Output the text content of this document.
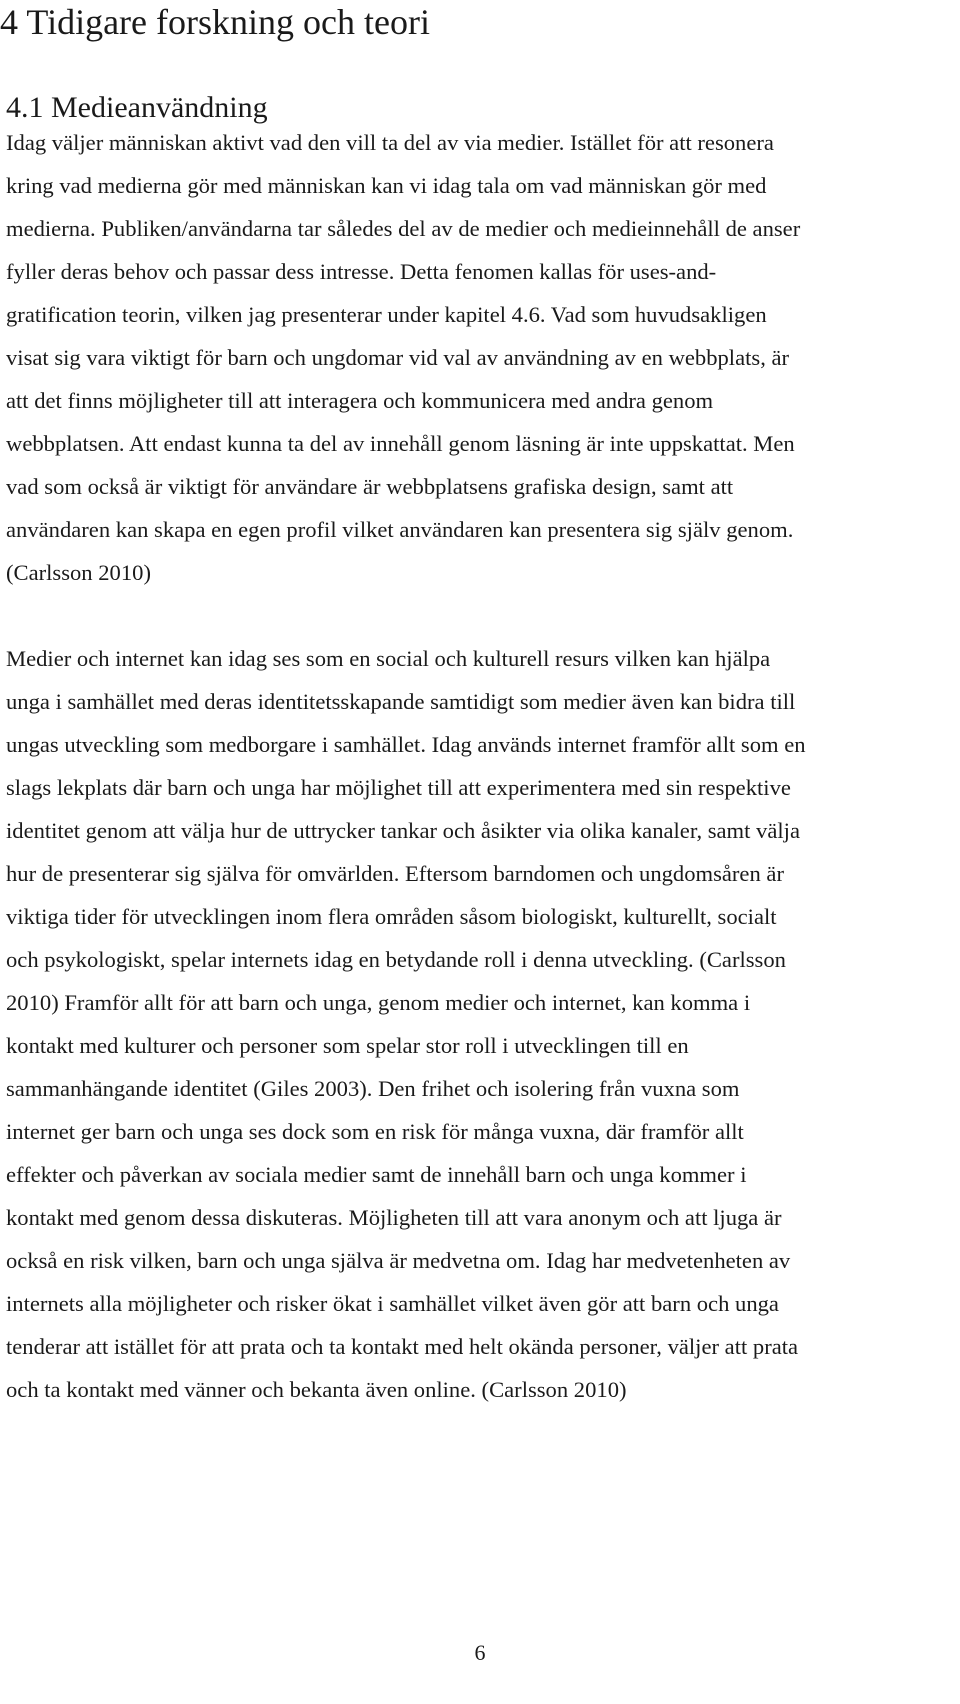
4 Tidigare forskning och teori
4.1 Medieanvändning
Idag väljer människan aktivt vad den vill ta del av via medier. Istället för att resonera
kring vad medierna gör med människan kan vi idag tala om vad människan gör med
medierna. Publiken/användarna tar således del av de medier och medieinnehåll de anser
fyller deras behov och passar dess intresse. Detta fenomen kallas för uses-and-
gratification teorin, vilken jag presenterar under kapitel 4.6. Vad som huvudsakligen
visat sig vara viktigt för barn och ungdomar vid val av användning av en webbplats, är
att det finns möjligheter till att interagera och kommunicera med andra genom
webbplatsen. Att endast kunna ta del av innehåll genom läsning är inte uppskattat. Men
vad som också är viktigt för användare är webbplatsens grafiska design, samt att
användaren kan skapa en egen profil vilket användaren kan presentera sig själv genom.
(Carlsson 2010)
Medier och internet kan idag ses som en social och kulturell resurs vilken kan hjälpa
unga i samhället med deras identitetsskapande samtidigt som medier även kan bidra till
ungas utveckling som medborgare i samhället. Idag används internet framför allt som en
slags lekplats där barn och unga har möjlighet till att experimentera med sin respektive
identitet genom att välja hur de uttrycker tankar och åsikter via olika kanaler, samt välja
hur de presenterar sig själva för omvärlden. Eftersom barndomen och ungdomsåren är
viktiga tider för utvecklingen inom flera områden såsom biologiskt, kulturellt, socialt
och psykologiskt, spelar internets idag en betydande roll i denna utveckling. (Carlsson
2010) Framför allt för att barn och unga, genom medier och internet, kan komma i
kontakt med kulturer och personer som spelar stor roll i utvecklingen till en
sammanhängande identitet (Giles 2003). Den frihet och isolering från vuxna som
internet ger barn och unga ses dock som en risk för många vuxna, där framför allt
effekter och påverkan av sociala medier samt de innehåll barn och unga kommer i
kontakt med genom dessa diskuteras. Möjligheten till att vara anonym och att ljuga är
också en risk vilken, barn och unga själva är medvetna om. Idag har medvetenheten av
internets alla möjligheter och risker ökat i samhället vilket även gör att barn och unga
tenderar att istället för att prata och ta kontakt med helt okända personer, väljer att prata
och ta kontakt med vänner och bekanta även online. (Carlsson 2010)
6
